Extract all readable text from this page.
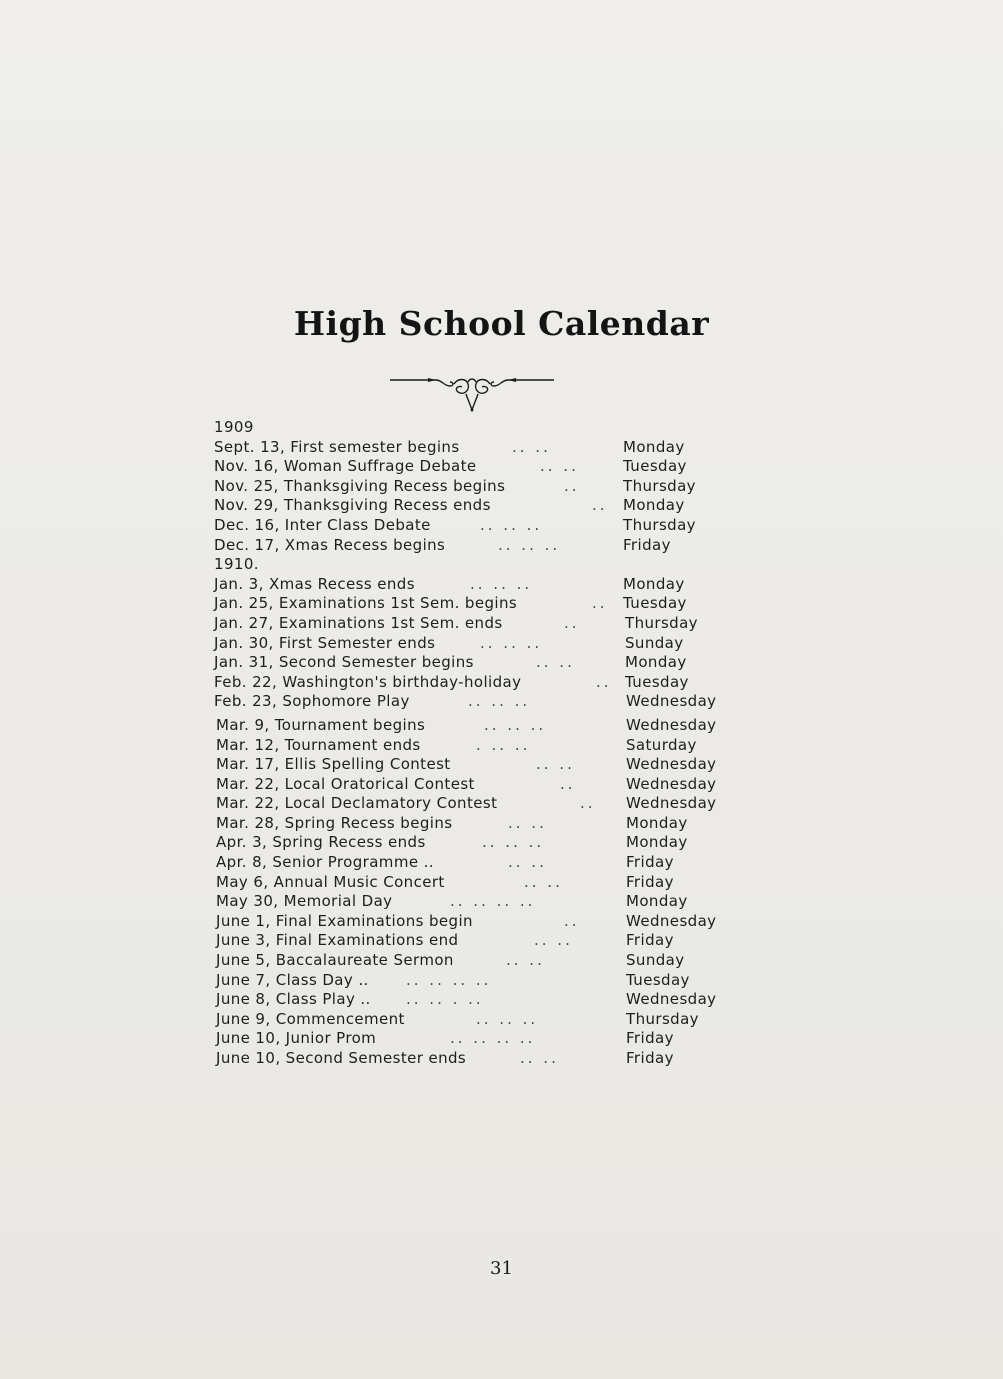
High School Calendar
1909
Sept. 13, First semester begins	.. ..	Monday
Nov. 16, Woman Suffrage Debate	.. ..	Tuesday
Nov. 25, Thanksgiving Recess begins	..	Thursday
Nov. 29, Thanksgiving Recess ends	..	Monday
Dec. 16, Inter Class Debate	.. .. ..	Thursday
Dec. 17, Xmas Recess begins	.. .. ..	Friday
1910.
Jan. 3, Xmas Recess ends	.. .. ..	Monday
Jan. 25, Examinations 1st Sem. begins	..	Tuesday
Jan. 27, Examinations 1st Sem. ends	..	Thursday
Jan. 30, First Semester ends	.. .. ..	Sunday
Jan. 31, Second Semester begins	.. ..	Monday
Feb. 22, Washington's birthday-holiday	.. Tuesday
Feb. 23, Sophomore Play	.. .. ..	Wednesday
Mar. 9, Tournament begins	.. .. ..	Wednesday
Mar. 12, Tournament ends	. .. ..	Saturday
Mar. 17, Ellis Spelling Contest	.. ..	Wednesday
Mar. 22, Local Oratorical Contest	..	Wednesday
Mar. 22, Local Declamatory Contest	..	Wednesday
Mar. 28, Spring Recess begins	.. ..	Monday
Apr. 3, Spring Recess ends	.. .. ..	Monday
Apr. 8, Senior Programme ..	.. ..	Friday
May 6, Annual Music Concert	.. ..	Friday
May 30, Memorial Day	.. .. .. ..	Monday
June 1, Final Examinations begin	..	Wednesday
June 3, Final Examinations end	.. ..	Friday
June 5, Baccalaureate Sermon	.. ..	Sunday
June 7, Class Day .. .. .. .. ..	Tuesday
June 8, Class Play .. .. .. . ..	Wednesday
June 9, Commencement	.. .. ..	Thursday
June 10, Junior Prom	.. .. .. ..	Friday
June 10, Second Semester ends	.. ..	Friday
31
